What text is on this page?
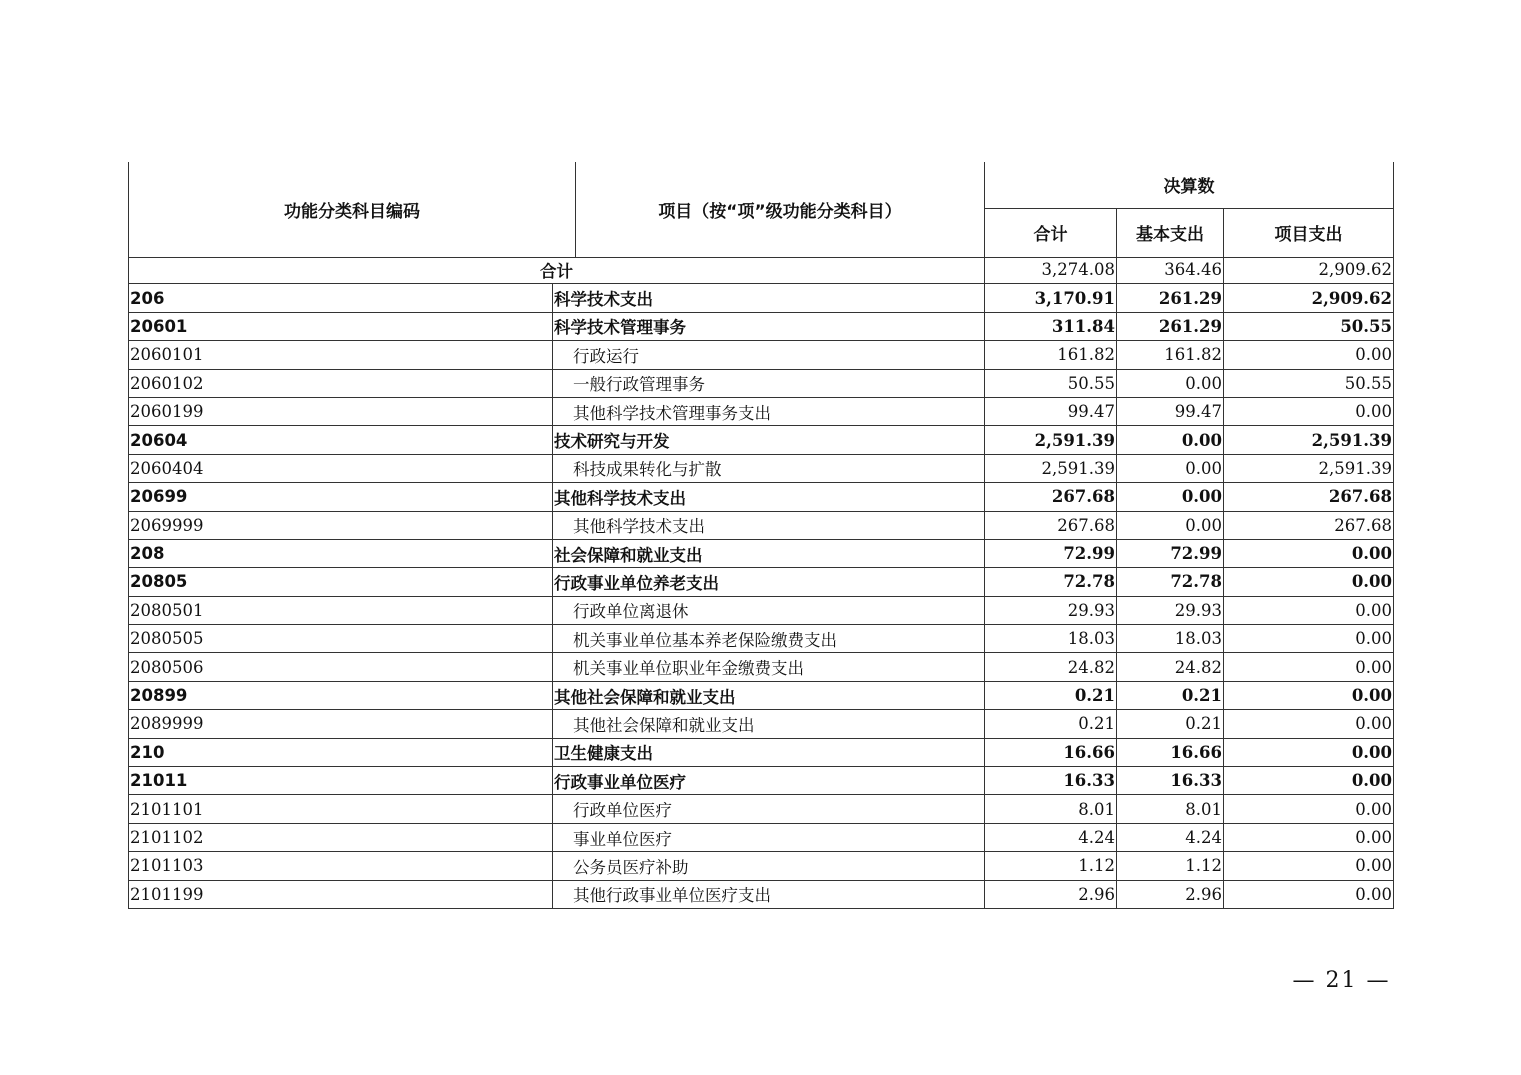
功能分类科目编码	项目（按“项”级功能分类科目）	决算数		
		合计	基本支出	项目支出
合计		3,274.08	364.46	2,909.62
206	科学技术支出	3,170.91	261.29	2,909.62
20601	科学技术管理事务	311.84	261.29	50.55
2060101	行政运行	161.82	161.82	0.00
2060102	一般行政管理事务	50.55	0.00	50.55
2060199	其他科学技术管理事务支出	99.47	99.47	0.00
20604	技术研究与开发	2,591.39	0.00	2,591.39
2060404	科技成果转化与扩散	2,591.39	0.00	2,591.39
20699	其他科学技术支出	267.68	0.00	267.68
2069999	其他科学技术支出	267.68	0.00	267.68
208	社会保障和就业支出	72.99	72.99	0.00
20805	行政事业单位养老支出	72.78	72.78	0.00
2080501	行政单位离退休	29.93	29.93	0.00
2080505	机关事业单位基本养老保险缴费支出	18.03	18.03	0.00
2080506	机关事业单位职业年金缴费支出	24.82	24.82	0.00
20899	其他社会保障和就业支出	0.21	0.21	0.00
2089999	其他社会保障和就业支出	0.21	0.21	0.00
210	卫生健康支出	16.66	16.66	0.00
21011	行政事业单位医疗	16.33	16.33	0.00
2101101	行政单位医疗	8.01	8.01	0.00
2101102	事业单位医疗	4.24	4.24	0.00
2101103	公务员医疗补助	1.12	1.12	0.00
2101199	其他行政事业单位医疗支出	2.96	2.96	0.00
— 21 —
